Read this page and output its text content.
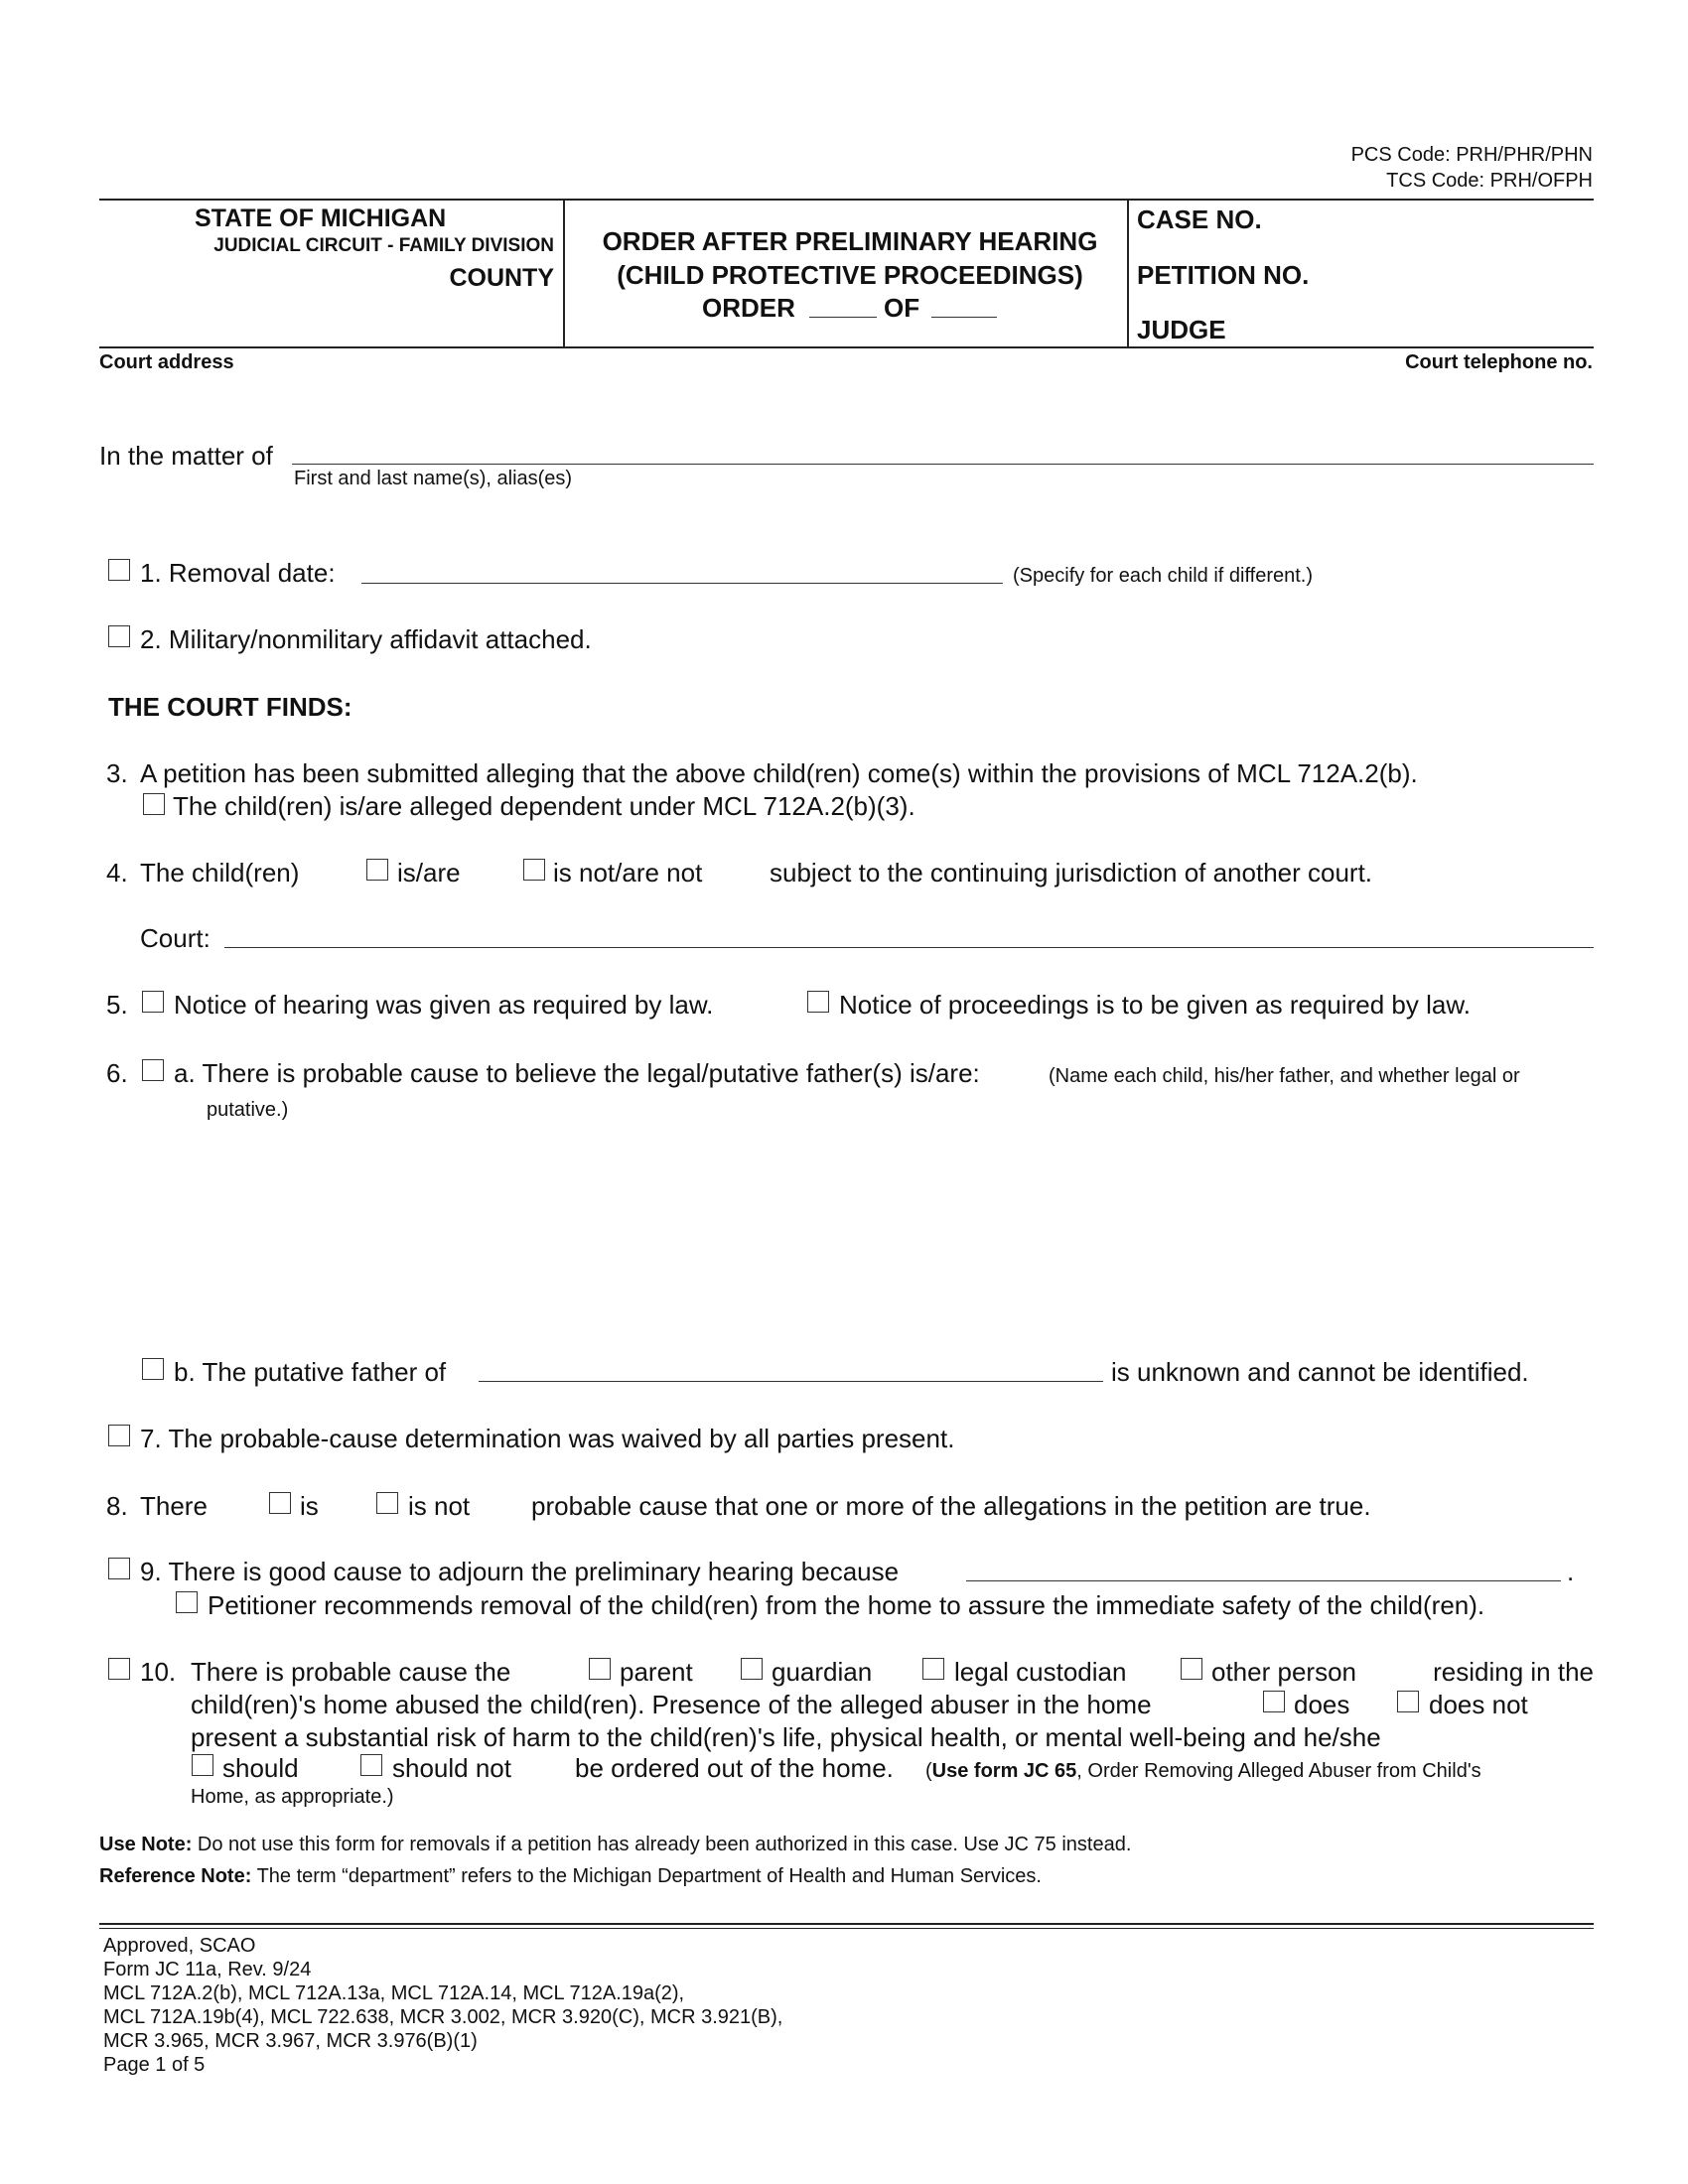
PCS Code: PRH/PHR/PHN
TCS Code: PRH/OFPH
STATE OF MICHIGAN
JUDICIAL CIRCUIT - FAMILY DIVISION
COUNTY
ORDER AFTER PRELIMINARY HEARING
(CHILD PROTECTIVE PROCEEDINGS)
ORDER	OF
CASE NO.
PETITION NO.
JUDGE
Court address	Court telephone no.
In the matter of
First and last name(s), alias(es)
1. Removal date:	(Specify for each child if different.)
2. Military/nonmilitary affidavit attached.
THE COURT FINDS:
3. A petition has been submitted alleging that the above child(ren) come(s) within the provisions of MCL 712A.2(b).
The child(ren) is/are alleged dependent under MCL 712A.2(b)(3).
4. The child(ren)	is/are	is not/are not	subject to the continuing jurisdiction of another court.
Court:
5. Notice of hearing was given as required by law.	Notice of proceedings is to be given as required by law.
6. a. There is probable cause to believe the legal/putative father(s) is/are:	(Name each child, his/her father, and whether legal or
putative.)
b. The putative father of	is unknown and cannot be identified.
7. The probable-cause determination was waived by all parties present.
8. There	is	is not probable cause that one or more of the allegations in the petition are true.
9. There is good cause to adjourn the preliminary hearing because	.
Petitioner recommends removal of the child(ren) from the home to assure the immediate safety of the child(ren).
10. There is probable cause the	parent	guardian	legal custodian	other person	residing in the
child(ren)'s home abused the child(ren). Presence of the alleged abuser in the home	does	does not
present a substantial risk of harm to the child(ren)'s life, physical health, or mental well-being and he/she
should	should not be ordered out of the home. (Use form JC 65, Order Removing Alleged Abuser from Child's
Home, as appropriate.)
Use Note: Do not use this form for removals if a petition has already been authorized in this case. Use JC 75 instead.
Reference Note: The term “department” refers to the Michigan Department of Health and Human Services.
Approved, SCAO
Form JC 11a, Rev. 9/24
MCL 712A.2(b), MCL 712A.13a, MCL 712A.14, MCL 712A.19a(2),
MCL 712A.19b(4), MCL 722.638, MCR 3.002, MCR 3.920(C), MCR 3.921(B),
MCR 3.965, MCR 3.967, MCR 3.976(B)(1)
Page 1 of 5
